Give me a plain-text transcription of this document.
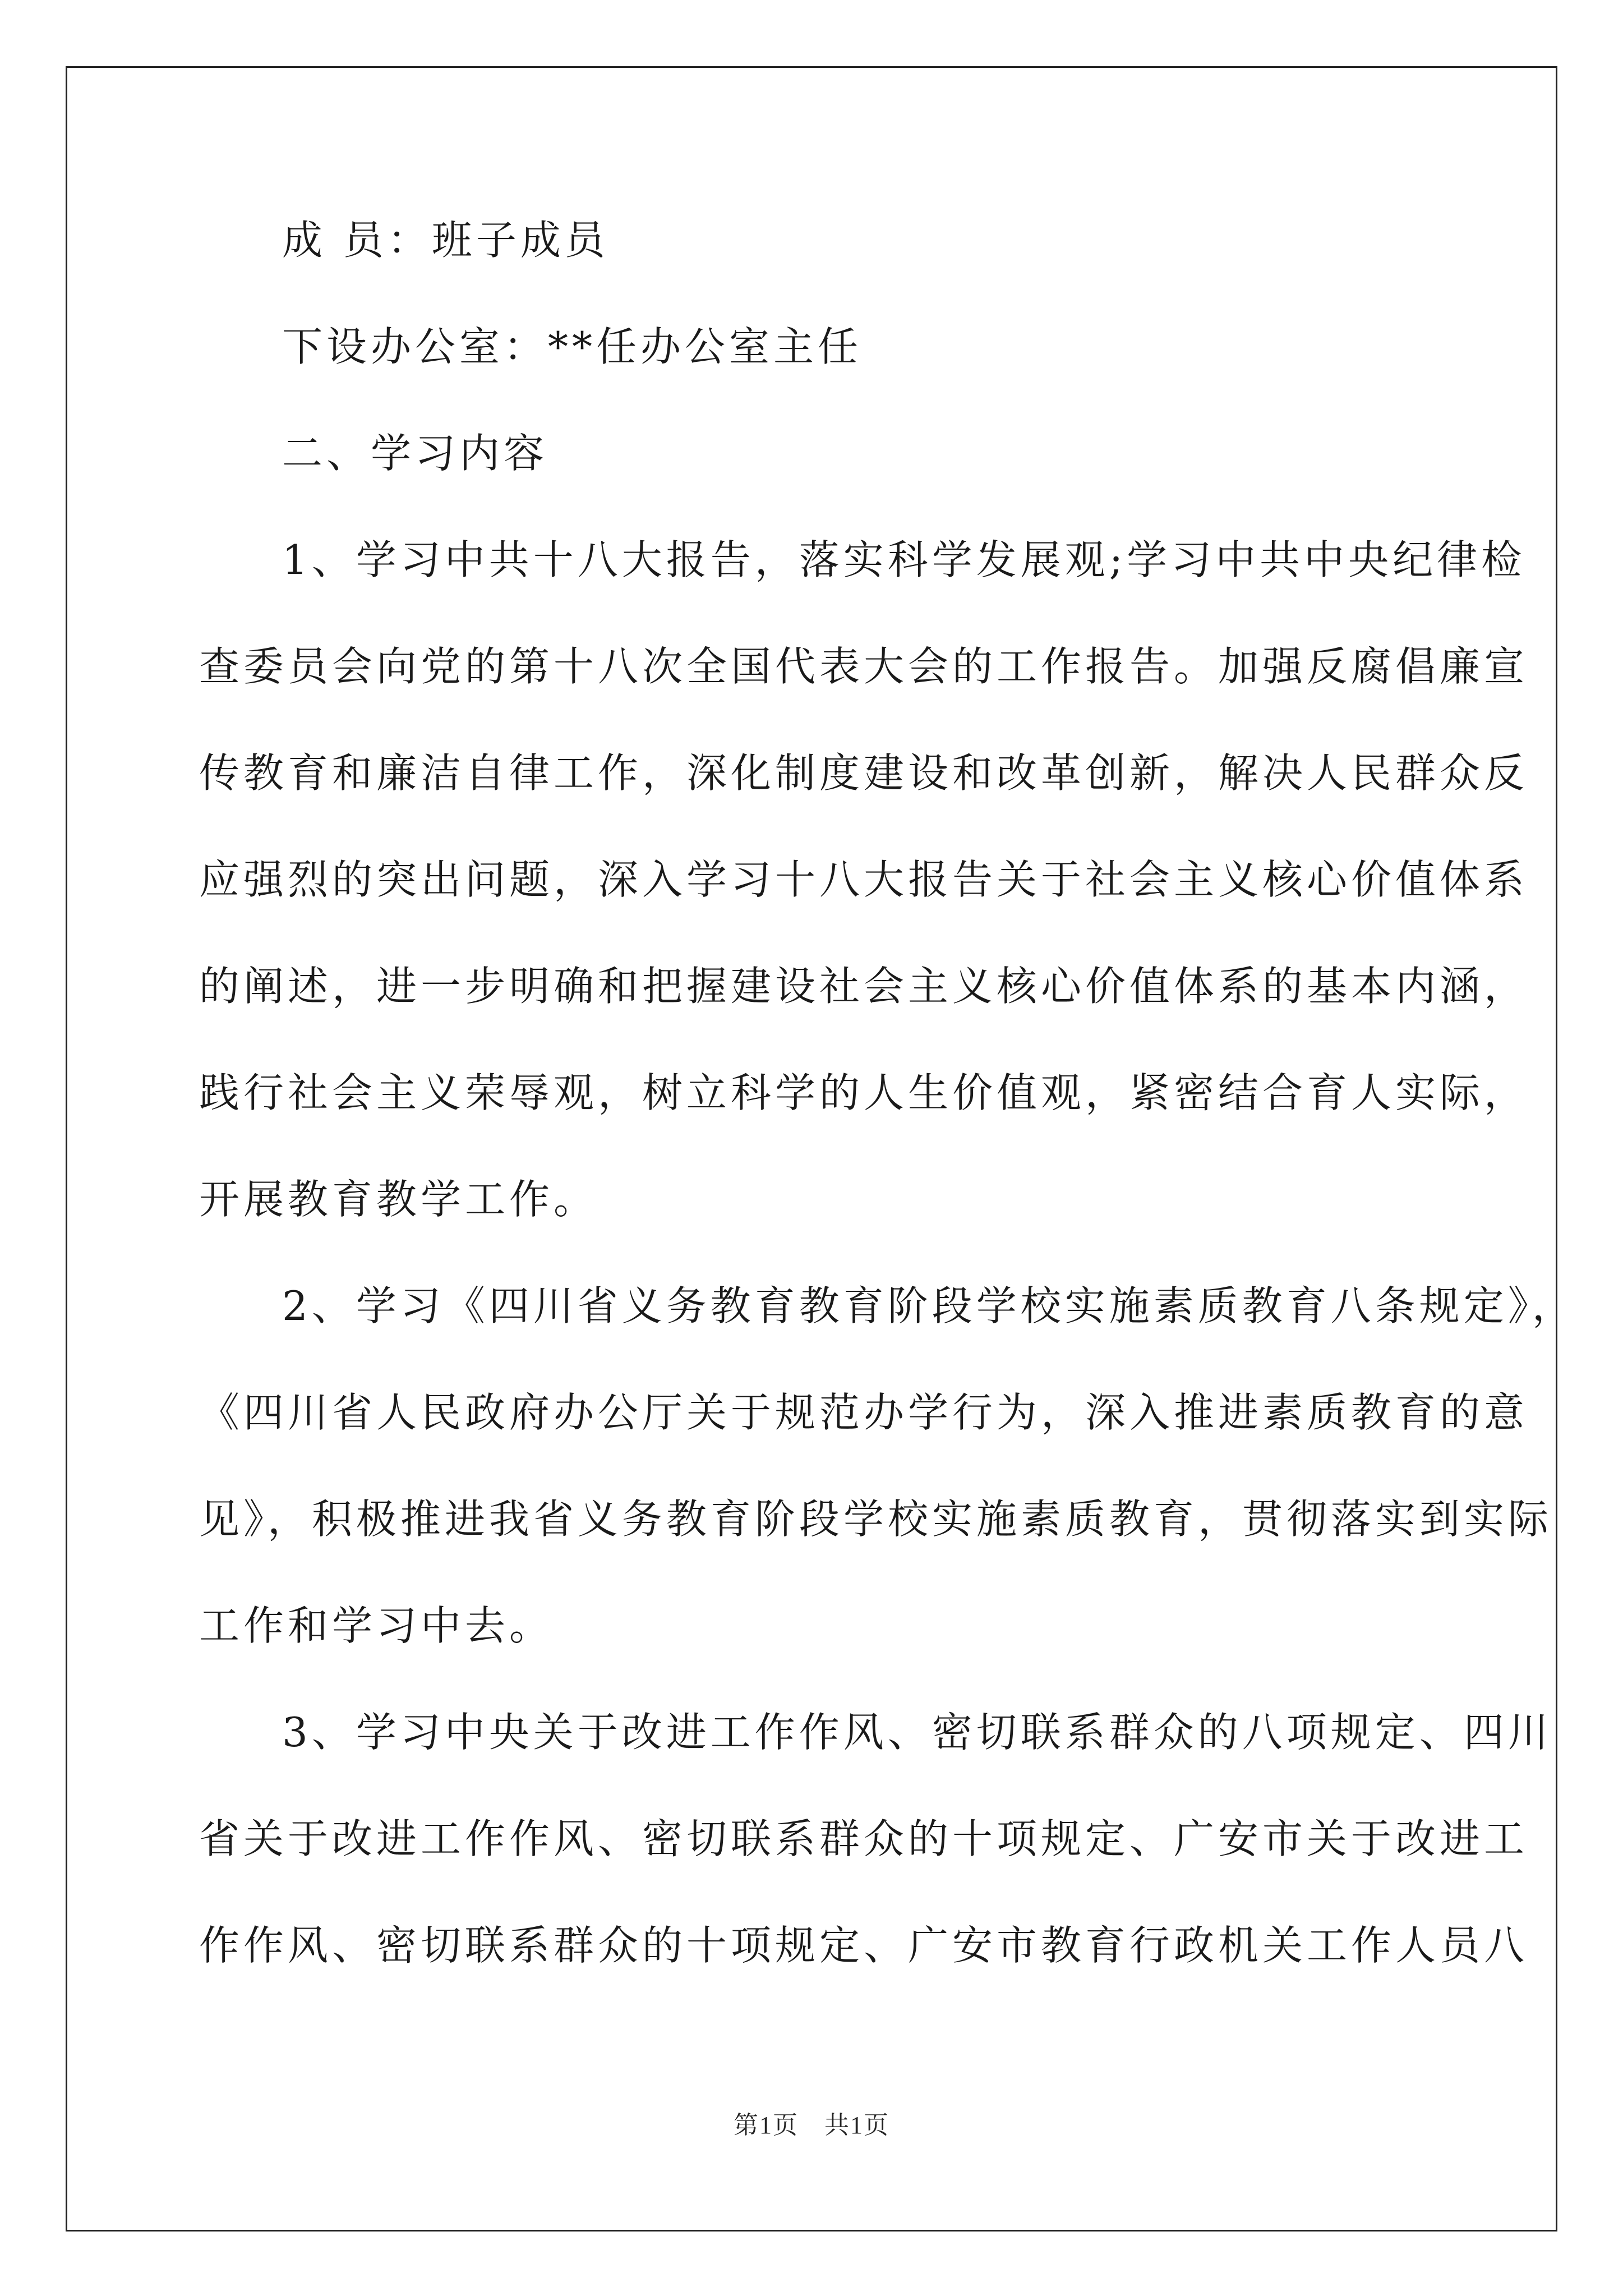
成 员：班子成员

下设办公室：**任办公室主任

二、学习内容

1、学习中共十八大报告，落实科学发展观;学习中共中央纪律检

查委员会向党的第十八次全国代表大会的工作报告。加强反腐倡廉宣

传教育和廉洁自律工作，深化制度建设和改革创新，解决人民群众反

应强烈的突出问题，深入学习十八大报告关于社会主义核心价值体系

的阐述，进一步明确和把握建设社会主义核心价值体系的基本内涵，

践行社会主义荣辱观，树立科学的人生价值观，紧密结合育人实际，

开展教育教学工作。

2、学习《四川省义务教育教育阶段学校实施素质教育八条规定》，

《四川省人民政府办公厅关于规范办学行为，深入推进素质教育的意

见》，积极推进我省义务教育阶段学校实施素质教育，贯彻落实到实际

工作和学习中去。

3、学习中央关于改进工作作风、密切联系群众的八项规定、四川

省关于改进工作作风、密切联系群众的十项规定、广安市关于改进工

作作风、密切联系群众的十项规定、广安市教育行政机关工作人员八

第1页 共1页
